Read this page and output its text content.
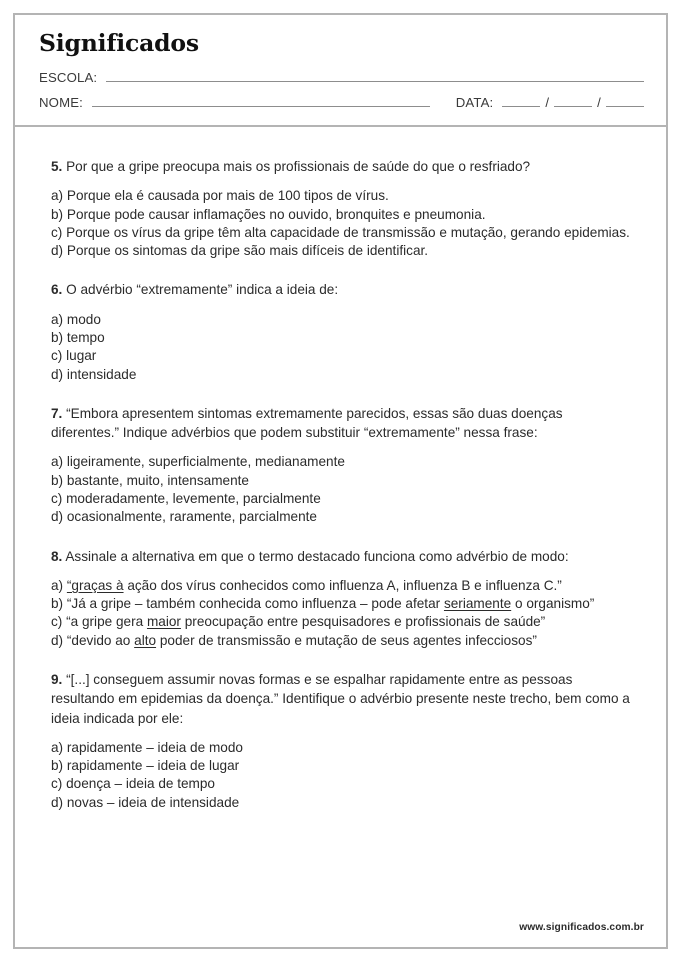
Significados
ESCOLA:
NOME:	DATA:	/	/

5. Por que a gripe preocupa mais os profissionais de saúde do que o resfriado?

a) Porque ela é causada por mais de 100 tipos de vírus.
b) Porque pode causar inflamações no ouvido, bronquites e pneumonia.
c) Porque os vírus da gripe têm alta capacidade de transmissão e mutação, gerando epidemias.
d) Porque os sintomas da gripe são mais difíceis de identificar.

6. O advérbio “extremamente” indica a ideia de:

a) modo
b) tempo
c) lugar
d) intensidade

7. “Embora apresentem sintomas extremamente parecidos, essas são duas doenças diferentes.” Indique advérbios que podem substituir “extremamente” nessa frase:

a) ligeiramente, superficialmente, medianamente
b) bastante, muito, intensamente
c) moderadamente, levemente, parcialmente
d) ocasionalmente, raramente, parcialmente

8. Assinale a alternativa em que o termo destacado funciona como advérbio de modo:

a) “graças à ação dos vírus conhecidos como influenza A, influenza B e influenza C.”
b) “Já a gripe – também conhecida como influenza – pode afetar seriamente o organismo”
c) “a gripe gera maior preocupação entre pesquisadores e profissionais de saúde”
d) “devido ao alto poder de transmissão e mutação de seus agentes infecciosos”

9. “[...] conseguem assumir novas formas e se espalhar rapidamente entre as pessoas resultando em epidemias da doença.” Identifique o advérbio presente neste trecho, bem como a ideia indicada por ele:

a) rapidamente – ideia de modo
b) rapidamente – ideia de lugar
c) doença – ideia de tempo
d) novas – ideia de intensidade
www.significados.com.br
